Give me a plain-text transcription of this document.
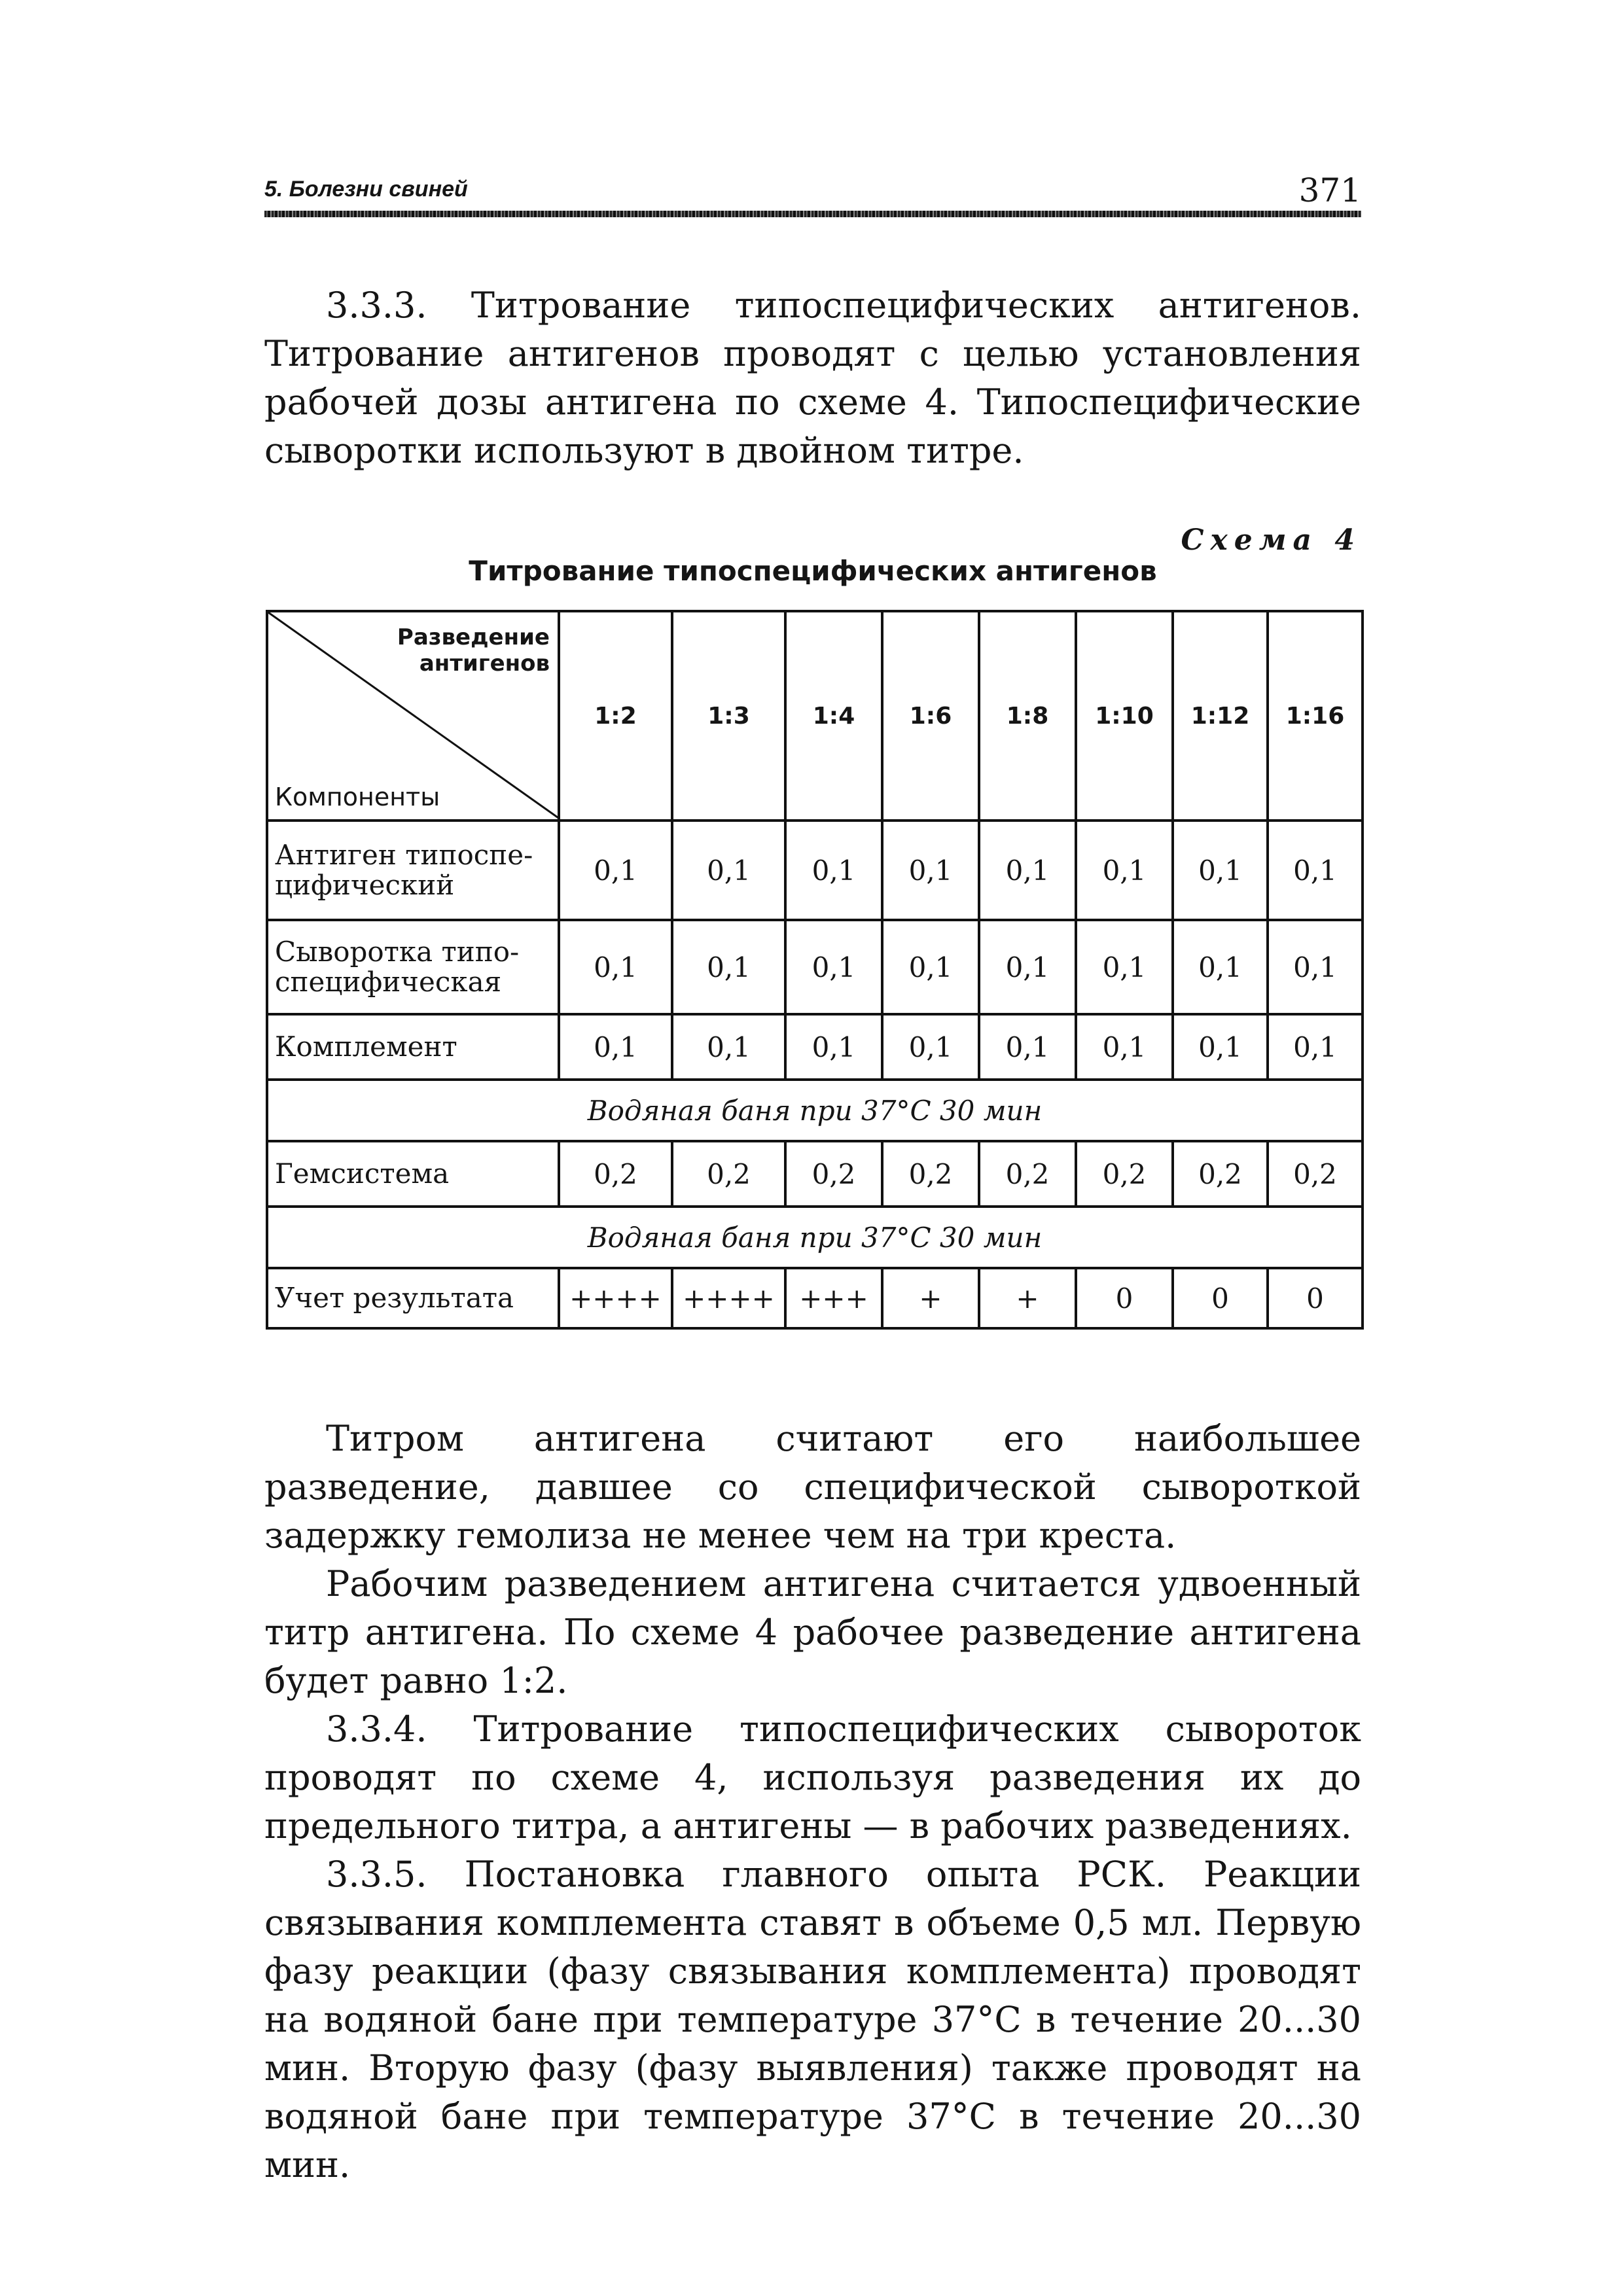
5. Болезни свиней	371

3.3.3. Титрование типоспецифических антигенов. Титрование антигенов проводят с целью установления рабочей дозы антигена по схеме 4. Типоспецифические сыворотки используют в двойном титре.

Схема 4
Титрование типоспецифических антигенов
Разведение
антигенов
Компоненты	1:2	1:3	1:4	1:6	1:8	1:10	1:12	1:16

Антиген типоспе-
цифический	0,1	0,1	0,1	0,1	0,1	0,1	0,1	0,1

Сыворотка типо-
специфическая	0,1	0,1	0,1	0,1	0,1	0,1	0,1	0,1
Комплемент	0,1	0,1	0,1	0,1	0,1	0,1	0,1	0,1
Водяная баня при 37°С 30 мин								
Гемсистема	0,2	0,2	0,2	0,2	0,2	0,2	0,2	0,2
Водяная баня при 37°С 30 мин								
Учет результата	++++	++++	+++	+	+	0	0	0

Титром антигена считают его наибольшее разведение, давшее со специфической сывороткой задержку гемолиза не менее чем на три креста.

Рабочим разведением антигена считается удвоенный титр антигена. По схеме 4 рабочее разведение антигена будет равно 1:2.

3.3.4. Титрование типоспецифических сывороток проводят по схеме 4, используя разведения их до предельного титра, а антигены — в рабочих разведениях.

3.3.5. Постановка главного опыта РСК. Реакции связывания комплемента ставят в объеме 0,5 мл. Первую фазу реакции (фазу связывания комплемента) проводят на водяной бане при температуре 37°С в течение 20...30 мин. Вторую фазу (фазу выявления) также проводят на водяной бане при температуре 37°С в течение 20...30 мин.
